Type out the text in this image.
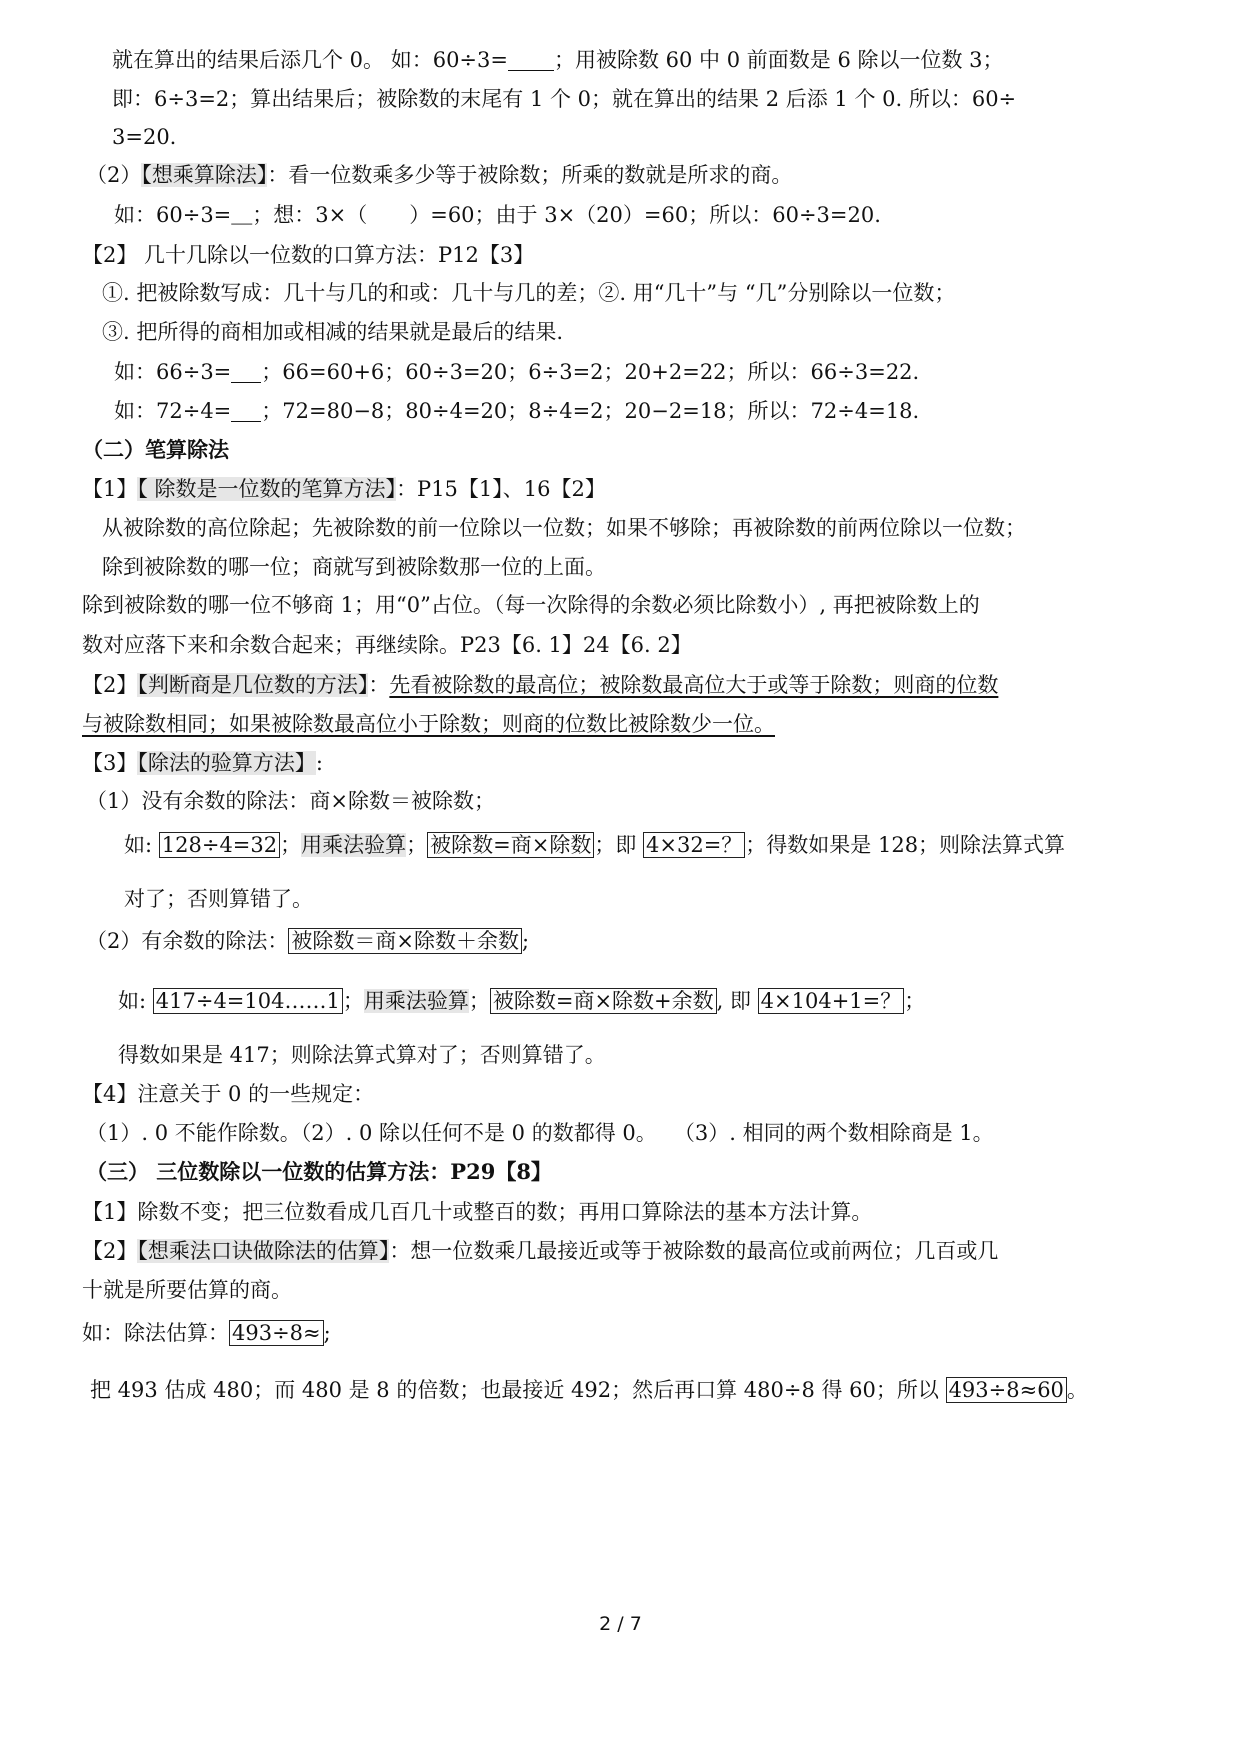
就在算出的结果后添几个 0。 如：60÷3= ；用被除数 60 中 0 前面数是 6 除以一位数 3；
即：6÷3=2；算出结果后；被除数的末尾有 1 个 0；就在算出的结果 2 后添 1 个 0. 所以：60÷
3=20.
（2）【想乘算除法】：看一位数乘多少等于被除数；所乘的数就是所求的商。
如：60÷3=＿；想：3×（　　）=60；由于 3×（20）=60；所以：60÷3=20.
【2】 几十几除以一位数的口算方法：P12【3】
①. 把被除数写成：几十与几的和或：几十与几的差；②. 用“几十”与 “几”分别除以一位数；
③. 把所得的商相加或相减的结果就是最后的结果.
如：66÷3= ；66=60+6；60÷3=20；6÷3=2；20+2=22；所以：66÷3=22.
如：72÷4= ；72=80−8；80÷4=20；8÷4=2；20−2=18；所以：72÷4=18.
（二）笔算除法
【1】【 除数是一位数的笔算方法】：P15【1】、16【2】
从被除数的高位除起；先被除数的前一位除以一位数；如果不够除；再被除数的前两位除以一位数；
除到被除数的哪一位；商就写到被除数那一位的上面。
除到被除数的哪一位不够商 1；用“0”占位。（每一次除得的余数必须比除数小）, 再把被除数上的
数对应落下来和余数合起来；再继续除。P23【6. 1】24【6. 2】
【2】【判断商是几位数的方法】：先看被除数的最高位；被除数最高位大于或等于除数；则商的位数
与被除数相同；如果被除数最高位小于除数；则商的位数比被除数少一位。
【3】【除法的验算方法】:
（1）没有余数的除法：商×除数＝被除数；
如: 128÷4=32 ；用乘法验算； 被除数=商×除数 ；即 4×32=？ ；得数如果是 128；则除法算式算
对了；否则算错了。
（2）有余数的除法： 被除数＝商×除数＋余数 ;
如: 417÷4=104……1 ；用乘法验算； 被除数=商×除数+余数 , 即 4×104+1=？ ；
得数如果是 417；则除法算式算对了；否则算错了。
【4】注意关于 0 的一些规定：
（1）. 0 不能作除数。（2）. 0 除以任何不是 0 的数都得 0。　 （3）. 相同的两个数相除商是 1。
（三） 三位数除以一位数的估算方法：P29【8】
【1】除数不变；把三位数看成几百几十或整百的数；再用口算除法的基本方法计算。
【2】【想乘法口诀做除法的估算】：想一位数乘几最接近或等于被除数的最高位或前两位；几百或几
十就是所要估算的商。
如：除法估算： 493÷8≈ ;
把 493 估成 480；而 480 是 8 的倍数；也最接近 492；然后再口算 480÷8 得 60；所以 493÷8≈60 。
2 / 7
